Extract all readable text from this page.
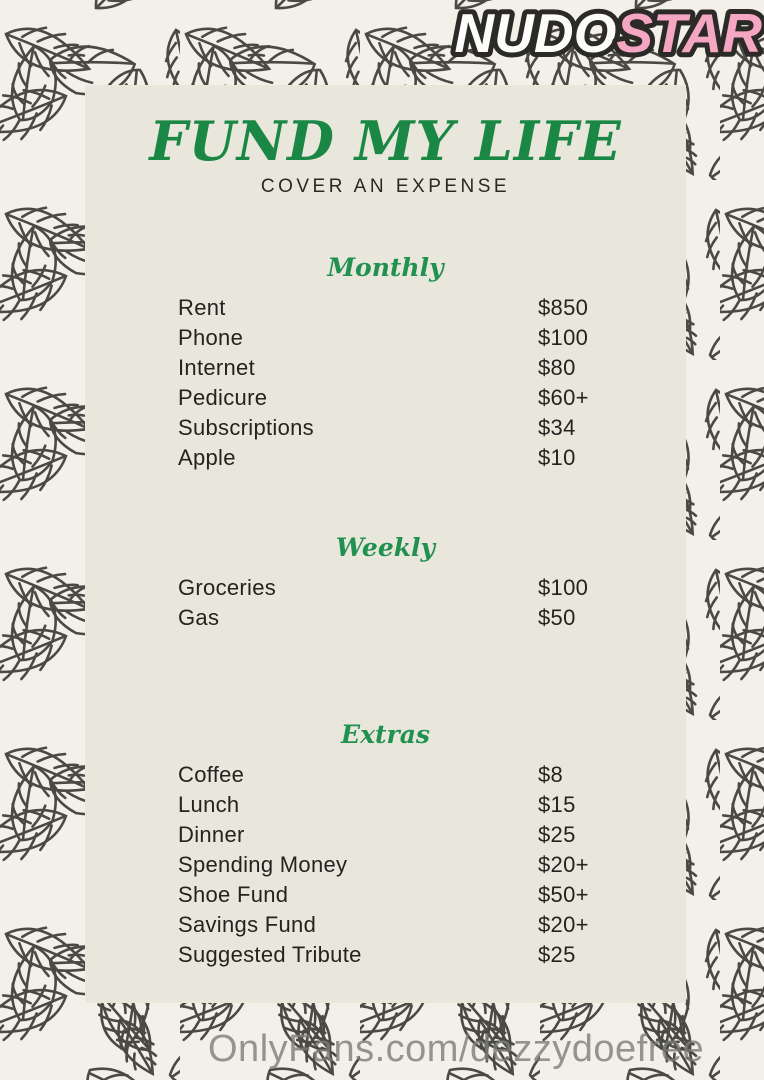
NUDOSTAR
FUND MY LIFE
COVER AN EXPENSE
Monthly
Rent	$850
Phone	$100
Internet	$80
Pedicure	$60+
Subscriptions	$34
Apple	$10
Weekly
Groceries	$100
Gas	$50
Extras
Coffee	$8
Lunch	$15
Dinner	$25
Spending Money	$20+
Shoe Fund	$50+
Savings Fund	$20+
Suggested Tribute	$25
OnlyFans.com/dezzydoefree
